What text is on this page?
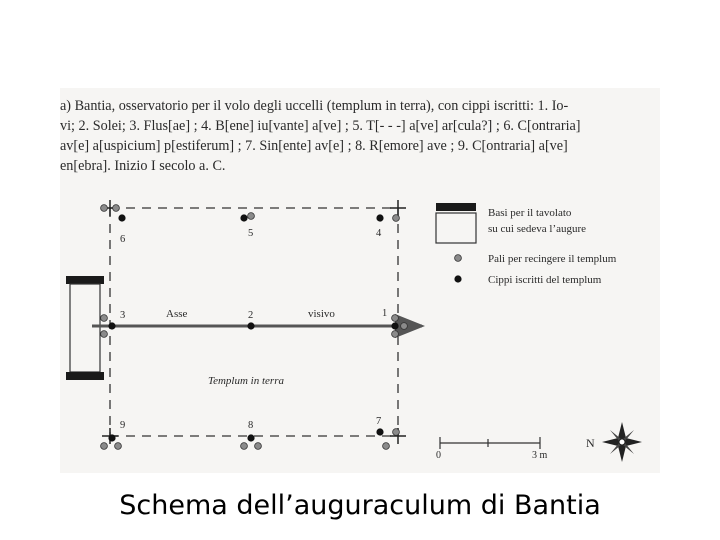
a) Bantia, osservatorio per il volo degli uccelli (templum in terra), con cippi iscritti: 1. Io-
vi; 2. Solei; 3. Flus[ae] ; 4. B[ene] iu[vante] a[ve] ; 5. T[- - -] a[ve] ar[cula?] ; 6. C[ontraria]
av[e] a[uspicium] p[estiferum] ; 7. Sin[ente] av[e] ; 8. R[emore] ave ; 9. C[ontraria] a[ve]
en[ebra]. Inizio I secolo a. C.
1
2
3
4
5
6
7
8
9
Asse	visivo
Templum in terra
Basi per il tavolato
su cui sedeva l’augure
Pali per recingere il templum
Cippi iscritti del templum
0	3 m
N
Schema dell’auguraculum di Bantia
